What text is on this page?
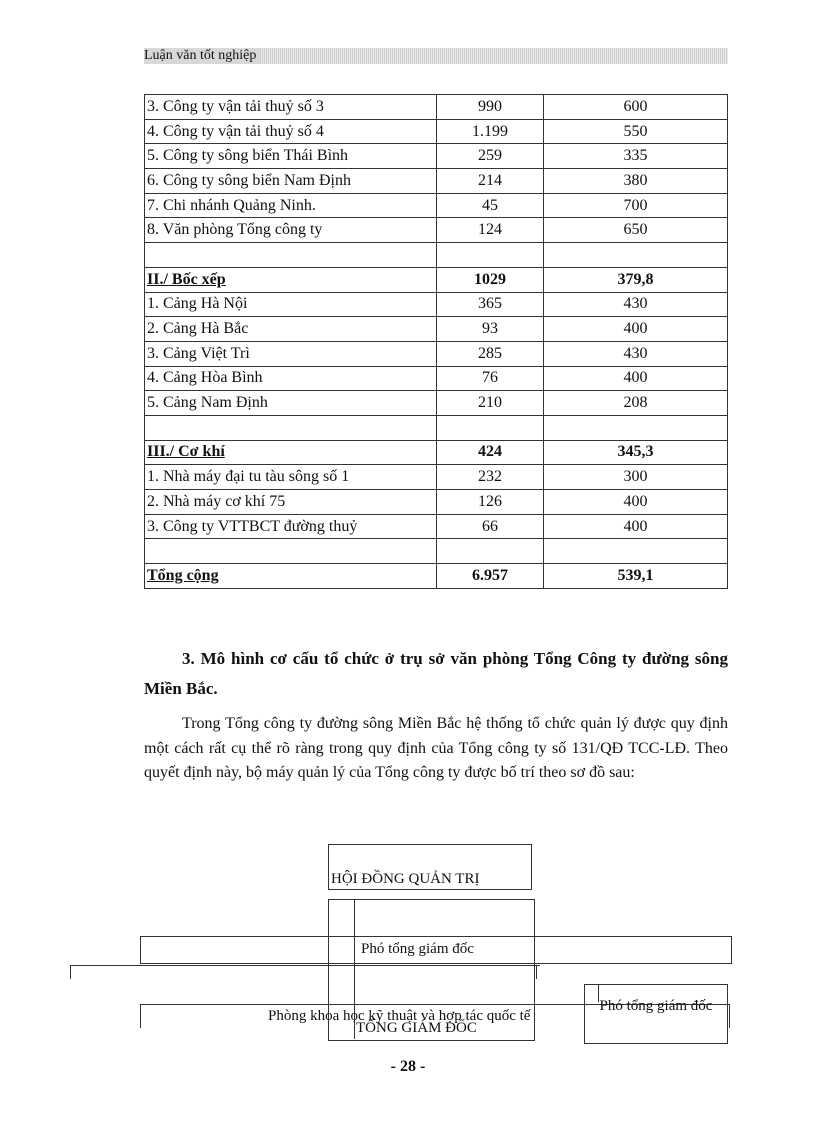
Luận văn tốt nghiệp
3. Công ty vận tải thuỷ số 3	990	600
4. Công ty vận tải thuỷ số 4	1.199	550
5. Công ty sông biển Thái Bình	259	335
6. Công ty sông biển Nam Định	214	380
7. Chi nhánh Quảng Ninh.	45	700
8. Văn phòng Tổng công ty	124	650

II./ Bốc xếp	1029	379,8
1. Cảng Hà Nội	365	430
2. Cảng Hà Bắc	93	400
3. Cảng Việt Trì	285	430
4. Cảng Hòa Bình	76	400
5. Cảng Nam Định	210	208

III./ Cơ khí	424	345,3
1. Nhà máy đại tu tàu sông số 1	232	300
2. Nhà máy cơ khí 75	126	400
3. Công ty VTTBCT đường thuỷ	66	400

Tổng cộng	6.957	539,1
3. Mô hình cơ cấu tổ chức ở trụ sở văn phòng Tổng Công ty đường sông Miền Bắc.
Trong Tổng công ty đường sông Miền Bắc hệ thống tổ chức quản lý được quy định một cách rất cụ thể rõ ràng trong quy định của Tổng công ty số 131/QĐ TCC-LĐ. Theo quyết định này, bộ máy quản lý của Tổng công ty được bố trí theo sơ đồ sau:
HỘI ĐỒNG QUẢN TRỊ
Phó tổng giám đốc
Phòng khoa học kỹ thuật và hợp tác quốc tế
TỔNG GIÁM ĐỐC
Phó tổng giám đốc
- 28 -
